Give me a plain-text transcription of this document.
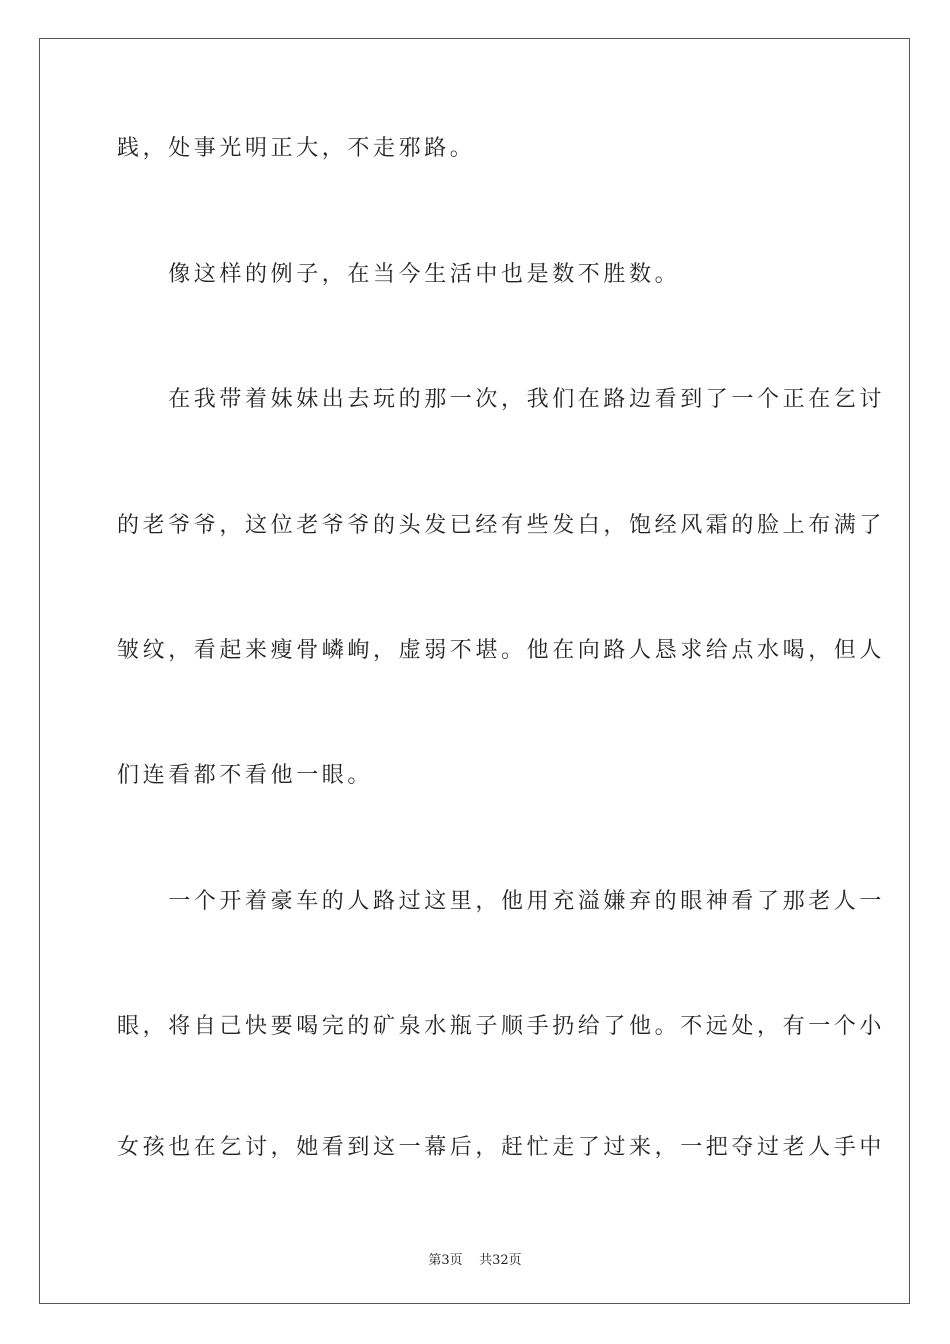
践，处事光明正大，不走邪路。
　　像这样的例子，在当今生活中也是数不胜数。
　　在我带着妹妹出去玩的那一次，我们在路边看到了一个正在乞讨
的老爷爷，这位老爷爷的头发已经有些发白，饱经风霜的脸上布满了
皱纹，看起来瘦骨嶙峋，虚弱不堪。他在向路人恳求给点水喝，但人
们连看都不看他一眼。
　　一个开着豪车的人路过这里，他用充溢嫌弃的眼神看了那老人一
眼，将自己快要喝完的矿泉水瓶子顺手扔给了他。不远处，有一个小
女孩也在乞讨，她看到这一幕后，赶忙走了过来，一把夺过老人手中
第3页 共32页
